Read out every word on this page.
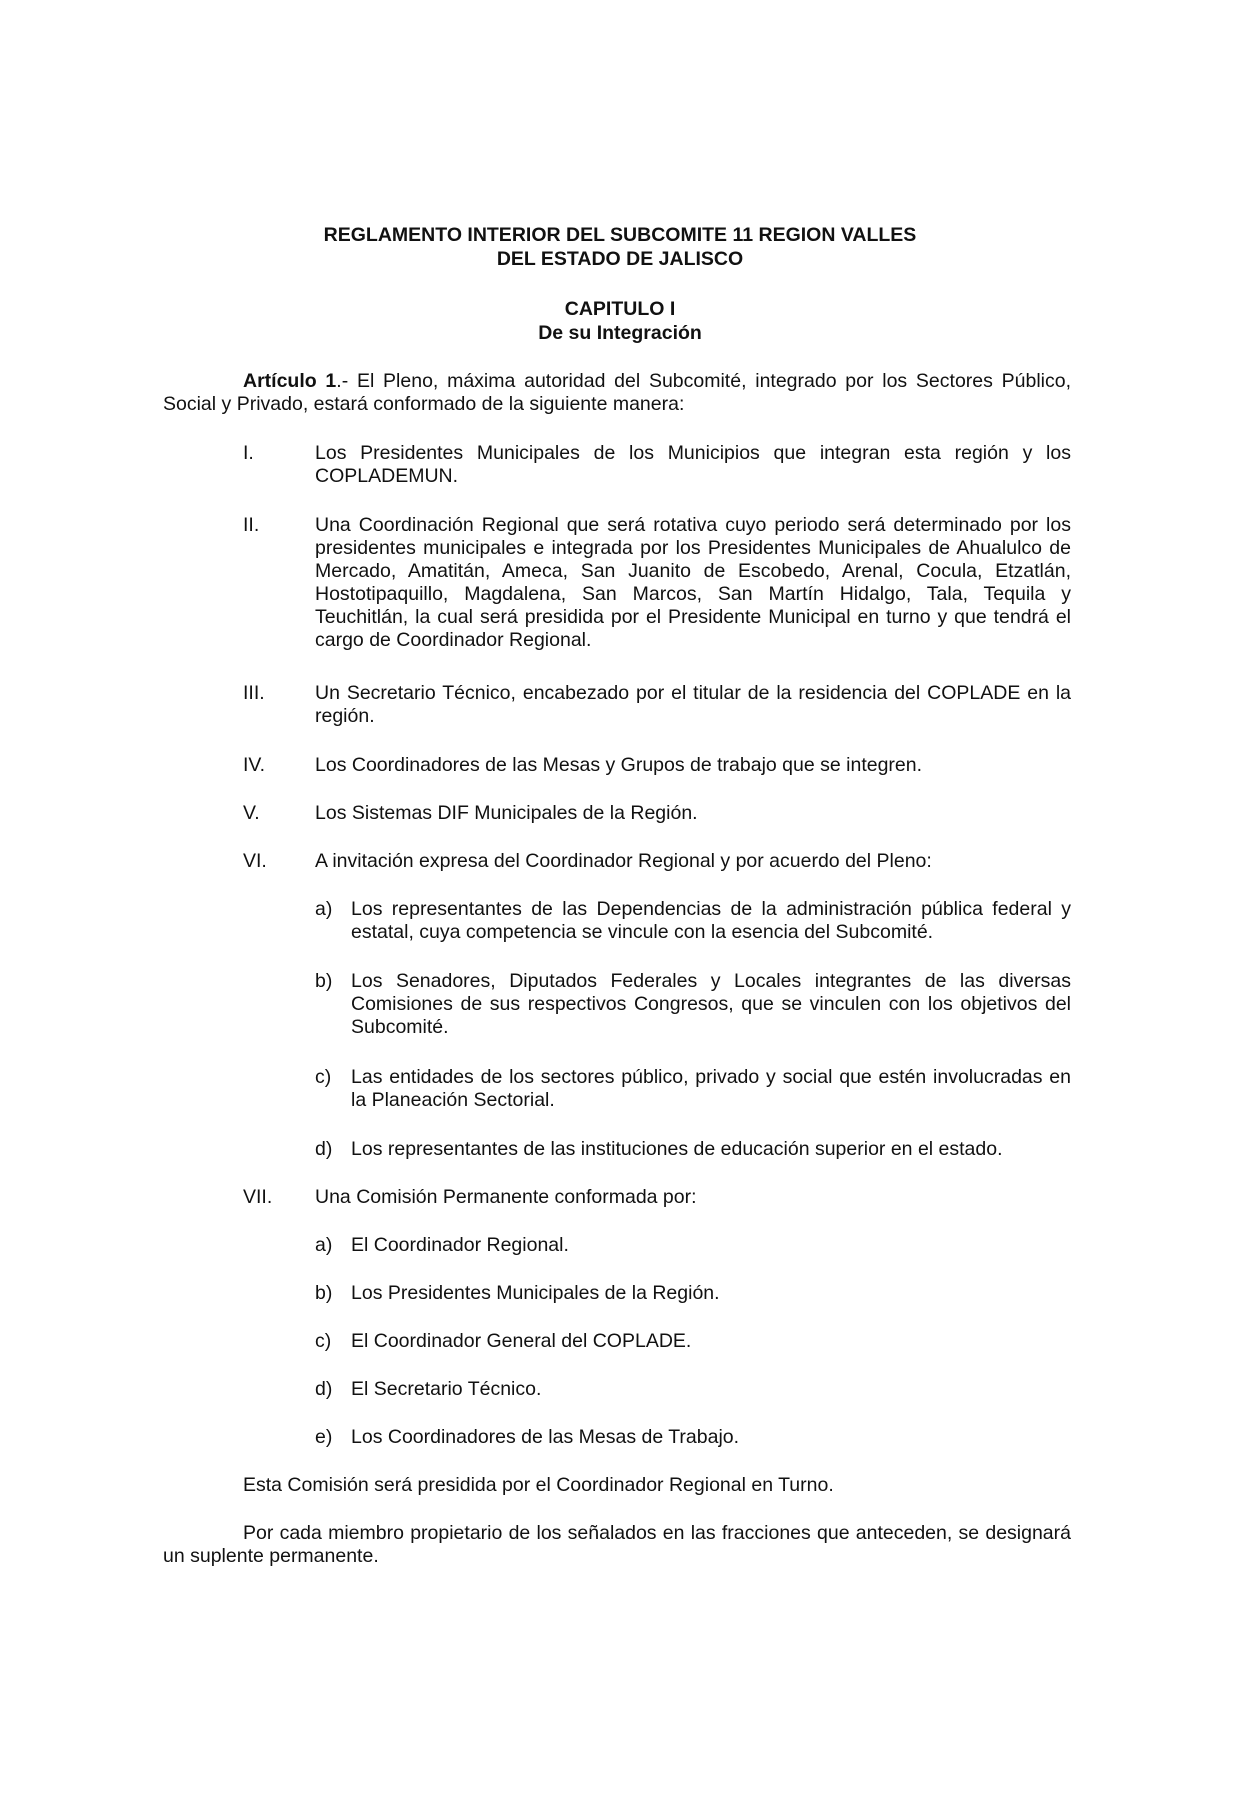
REGLAMENTO INTERIOR DEL SUBCOMITE 11 REGION VALLES
DEL ESTADO DE JALISCO
CAPITULO I
De su Integración

Artículo 1.- El Pleno, máxima autoridad del Subcomité, integrado por los Sectores Público, Social y Privado, estará conformado de la siguiente manera:

I.	Los Presidentes Municipales de los Municipios que integran esta región y los COPLADEMUN.
II.	Una Coordinación Regional que será rotativa cuyo periodo será determinado por los presidentes municipales e integrada por los Presidentes Municipales de Ahualulco de Mercado, Amatitán, Ameca, San Juanito de Escobedo, Arenal, Cocula, Etzatlán, Hostotipaquillo, Magdalena, San Marcos, San Martín Hidalgo, Tala, Tequila y Teuchitlán, la cual será presidida por el Presidente Municipal en turno y que tendrá el cargo de Coordinador Regional.
III.	Un Secretario Técnico, encabezado por el titular de la residencia del COPLADE en la región.
IV.	Los Coordinadores de las Mesas y Grupos de trabajo que se integren.
V.	Los Sistemas DIF Municipales de la Región.
VI. A invitación expresa del Coordinador Regional y por acuerdo del Pleno:
a) Los representantes de las Dependencias de la administración pública federal y estatal, cuya competencia se vincule con la esencia del Subcomité.
b) Los Senadores, Diputados Federales y Locales integrantes de las diversas Comisiones de sus respectivos Congresos, que se vinculen con los objetivos del Subcomité.
c) Las entidades de los sectores público, privado y social que estén involucradas en la Planeación Sectorial.
d) Los representantes de las instituciones de educación superior en el estado.
VII. Una Comisión Permanente conformada por:
a) El Coordinador Regional.
b) Los Presidentes Municipales de la Región.
c) El Coordinador General del COPLADE.
d) El Secretario Técnico.
e) Los Coordinadores de las Mesas de Trabajo.

Esta Comisión será presidida por el Coordinador Regional en Turno.

Por cada miembro propietario de los señalados en las fracciones que anteceden, se designará un suplente permanente.
